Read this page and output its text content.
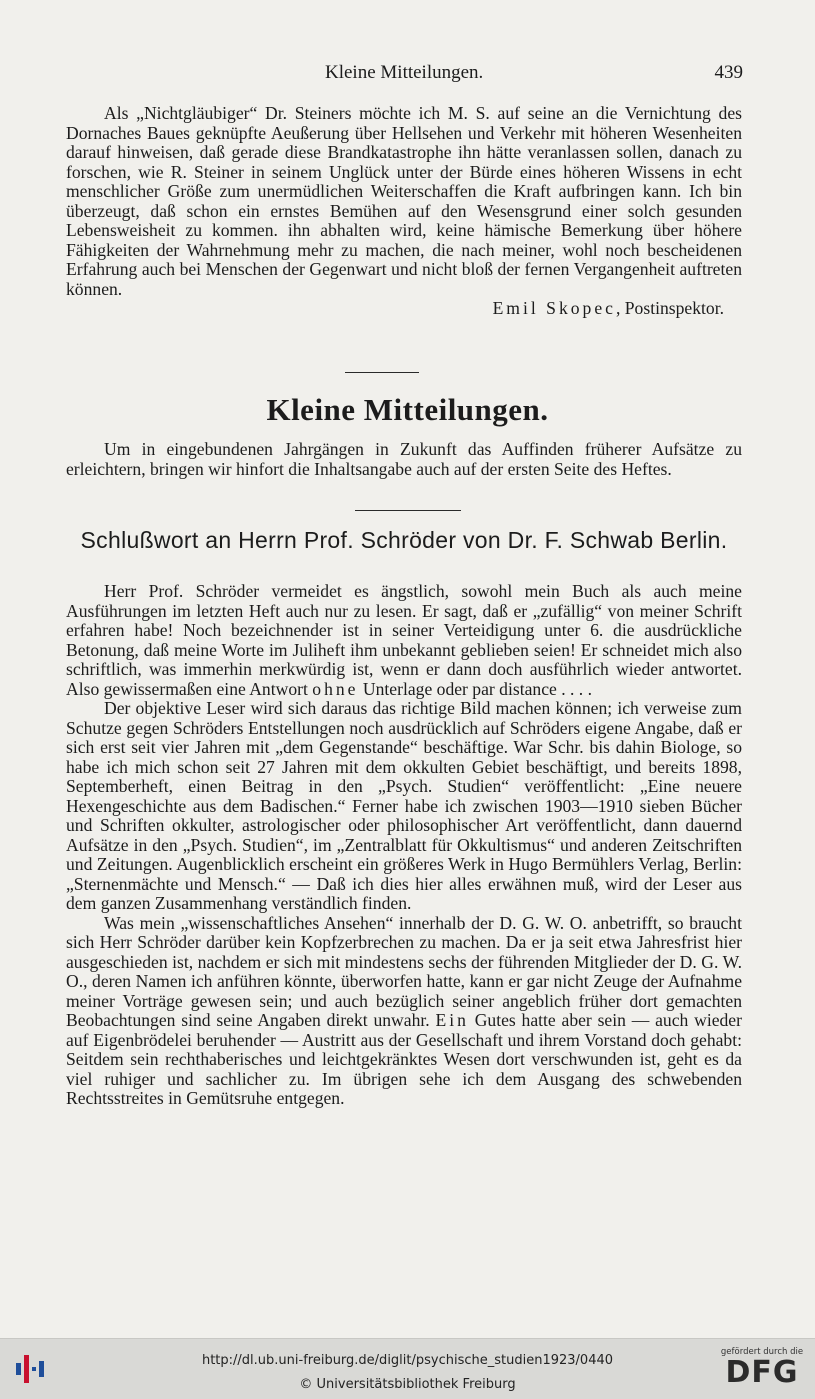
Kleine Mitteilungen.	439

Als „Nichtgläubiger“ Dr. Steiners möchte ich M. S. auf seine an die Vernichtung des Dornaches Baues geknüpfte Aeußerung über Hellsehen und Verkehr mit höheren Wesenheiten darauf hinweisen, daß gerade diese Brandkatastrophe ihn hätte veranlassen sollen, danach zu forschen, wie R. Steiner in seinem Unglück unter der Bürde eines höheren Wissens in echt menschlicher Größe zum unermüdlichen Weiterschaffen die Kraft aufbringen kann. Ich bin überzeugt, daß schon ein ernstes Bemühen auf den Wesensgrund einer solch gesunden Lebensweisheit zu kommen. ihn abhalten wird, keine hämische Bemerkung über höhere Fähigkeiten der Wahrnehmung mehr zu machen, die nach meiner, wohl noch bescheidenen Erfahrung auch bei Menschen der Gegenwart und nicht bloß der fernen Vergangenheit auftreten können.

Emil Skopec, Postinspektor.

Kleine Mitteilungen.

Um in eingebundenen Jahrgängen in Zukunft das Auffinden früherer Aufsätze zu erleichtern, bringen wir hinfort die Inhaltsangabe auch auf der ersten Seite des Heftes.

Schlußwort an Herrn Prof. Schröder von Dr. F. Schwab Berlin.

Herr Prof. Schröder vermeidet es ängstlich, sowohl mein Buch als auch meine Ausführungen im letzten Heft auch nur zu lesen. Er sagt, daß er „zufällig“ von meiner Schrift erfahren habe! Noch bezeichnender ist in seiner Verteidigung unter 6. die ausdrückliche Betonung, daß meine Worte im Juliheft ihm unbekannt geblieben seien! Er schneidet mich also schriftlich, was immerhin merkwürdig ist, wenn er dann doch ausführlich wieder antwortet. Also gewissermaßen eine Antwort ohne Unterlage oder par distance . . . .

Der objektive Leser wird sich daraus das richtige Bild machen können; ich verweise zum Schutze gegen Schröders Entstellungen noch ausdrücklich auf Schröders eigene Angabe, daß er sich erst seit vier Jahren mit „dem Gegenstande“ beschäftige. War Schr. bis dahin Biologe, so habe ich mich schon seit 27 Jahren mit dem okkulten Gebiet beschäftigt, und bereits 1898, Septemberheft, einen Beitrag in den „Psych. Studien“ veröffentlicht: „Eine neuere Hexengeschichte aus dem Badischen.“ Ferner habe ich zwischen 1903—1910 sieben Bücher und Schriften okkulter, astrologischer oder philosophischer Art veröffentlicht, dann dauernd Aufsätze in den „Psych. Studien“, im „Zentralblatt für Okkultismus“ und anderen Zeitschriften und Zeitungen. Augenblicklich erscheint ein größeres Werk in Hugo Bermühlers Verlag, Berlin: „Sternenmächte und Mensch.“ — Daß ich dies hier alles erwähnen muß, wird der Leser aus dem ganzen Zusammenhang verständlich finden.

Was mein „wissenschaftliches Ansehen“ innerhalb der D. G. W. O. anbetrifft, so braucht sich Herr Schröder darüber kein Kopfzerbrechen zu machen. Da er ja seit etwa Jahresfrist hier ausgeschieden ist, nachdem er sich mit mindestens sechs der führenden Mitglieder der D. G. W. O., deren Namen ich anführen könnte, überworfen hatte, kann er gar nicht Zeuge der Aufnahme meiner Vorträge gewesen sein; und auch bezüglich seiner angeblich früher dort gemachten Beobachtungen sind seine Angaben direkt unwahr. Ein Gutes hatte aber sein — auch wieder auf Eigenbrödelei beruhender — Austritt aus der Gesellschaft und ihrem Vorstand doch gehabt: Seitdem sein rechthaberisches und leichtgekränktes Wesen dort verschwunden ist, geht es da viel ruhiger und sachlicher zu. Im übrigen sehe ich dem Ausgang des schwebenden Rechtsstreites in Gemütsruhe entgegen.

http://dl.ub.uni-freiburg.de/diglit/psychische_studien1923/0440
© Universitätsbibliothek Freiburg
gefördert durch die
DFG
